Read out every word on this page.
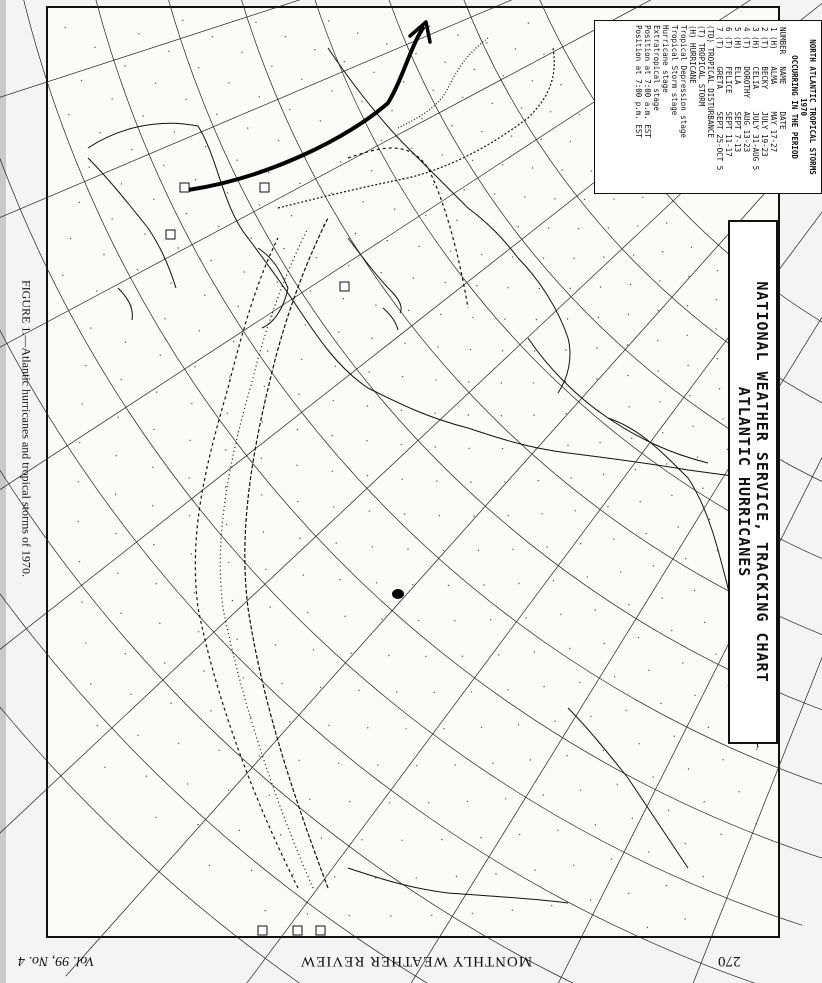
NORTH ATLANTIC TROPICAL STORMS
1970
OCCURRING IN THE PERIOD
NUMBER	NAME	DATE
1 (H)	ALMA	MAY 17-27
2 (T)	BECKY	JULY 19-23
3 (H)	CELIA	JULY 31-AUG 5
4 (T)	DOROTHY	AUG 13-23
5 (H)	ELLA	SEPT 7-13
6 (T)	FELICE	SEPT 11-17
7 (T)	GRETA	SEPT 25-OCT 5
(TD) TROPICAL DISTURBANCE
(T) TROPICAL STORM
(H) HURRICANE
Tropical Depression stage
Tropical Storm stage
Hurricane stage
Extratropical stage
Position at 7:00 a.m. EST
Position at 7:00 p.m. EST
NATIONAL WEATHER SERVICE, TRACKING CHART
ATLANTIC HURRICANES
FIGURE 1.—Atlantic hurricanes and tropical storms of 1970.
270
MONTHLY WEATHER REVIEW
Vol. 99, No. 4
